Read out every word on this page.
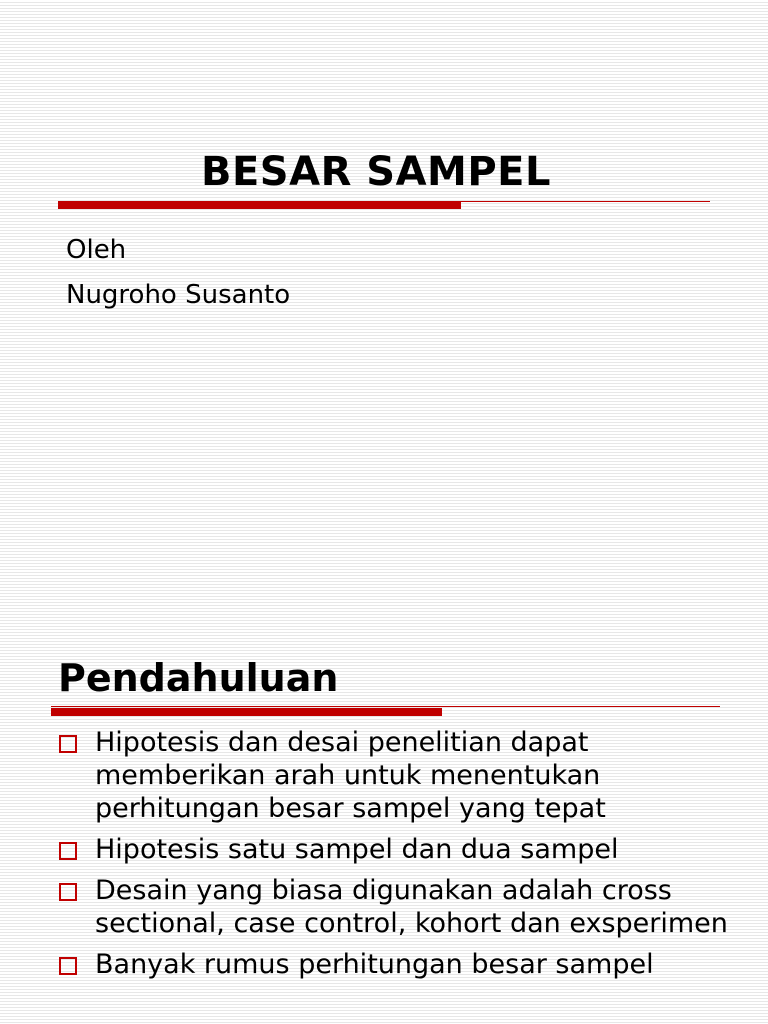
BESAR SAMPEL

Oleh

Nugroho Susanto

Pendahuluan
Hipotesis dan desai penelitian dapat memberikan arah untuk menentukan perhitungan besar sampel yang tepat
Hipotesis satu sampel dan dua sampel
Desain yang biasa digunakan adalah cross sectional, case control, kohort dan exsperimen
Banyak rumus perhitungan besar sampel
